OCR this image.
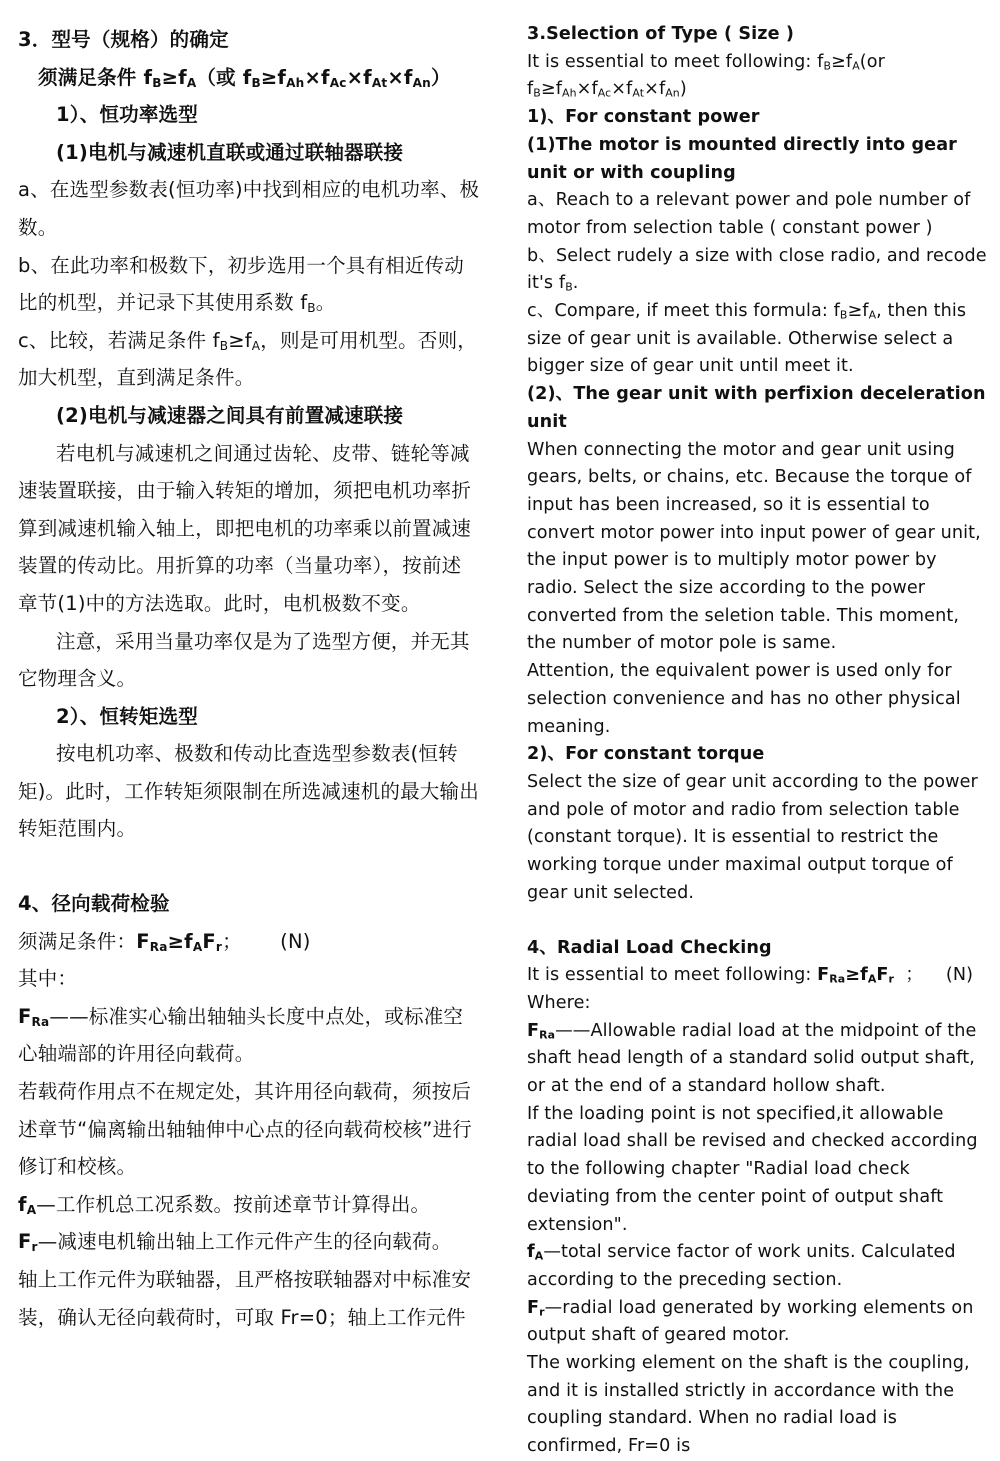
3．型号（规格）的确定

须满足条件 $f_B\ge f_A$（或 $f_B\ge f_{Ah}\times f_{Ac}\times f_{At}\times f_{An}$）

1）、恒功率选型

(1)电机与减速机直联或通过联轴器联接

a、在选型参数表(恒功率)中找到相应的电机功率、极数。

b、在此功率和极数下，初步选用一个具有相近传动比的机型，并记录下其使用系数 $f_B$。

c、比较，若满足条件 $f_B\ge f_A$，则是可用机型。否则，加大机型，直到满足条件。

(2)电机与减速器之间具有前置减速联接

若电机与减速机之间通过齿轮、皮带、链轮等减速装置联接，由于输入转矩的增加，须把电机功率折算到减速机输入轴上，即把电机的功率乘以前置减速装置的传动比。用折算的功率（当量功率），按前述章节(1)中的方法选取。此时，电机极数不变。

注意，采用当量功率仅是为了选型方便，并无其它物理含义。

2）、恒转矩选型

按电机功率、极数和传动比查选型参数表(恒转矩)。此时，工作转矩须限制在所选减速机的最大输出转矩范围内。

4、径向载荷检验

须满足条件：$F_{Ra}\ge f_AF_r$；      (N)

其中：

$F_{Ra}——$标准实心输出轴轴头长度中点处，或标准空心轴端部的许用径向载荷。

若载荷作用点不在规定处，其许用径向载荷，须按后述章节“偏离输出轴轴伸中心点的径向载荷校核”进行修订和校核。

$f_A—$工作机总工况系数。按前述章节计算得出。

$F_r—$减速电机输出轴上工作元件产生的径向载荷。

轴上工作元件为联轴器，且严格按联轴器对中标准安装，确认无径向载荷时，可取 Fr=0；轴上工作元件

3.Selection of Type ( Size )

It is essential to meet following: $f_B\ge f_A(or$ $f_B\ge f_{Ah}\times f_{Ac}\times f_{At}\times f_{An}$)

1)、For constant power

(1)The motor is mounted directly into gear unit or with coupling

a、Reach to a relevant power and pole number of motor from selection table ( constant power )

b、Select rudely a size with close radio, and recode it's $f_B$.

c、Compare, if meet this formula: $f_B\ge f_A$, then this size of gear unit is available. Otherwise select a bigger size of gear unit until meet it.

(2)、The gear unit with perfixion deceleration unit

When connecting the motor and gear unit using gears, belts, or chains, etc. Because the torque of input has been increased, so it is essential to convert motor power into input power of gear unit, the input power is to multiply motor power by radio. Select the size according to the power converted from the seletion table. This moment, the number of motor pole is same.

Attention, the equivalent power is used only for selection convenience and has no other physical meaning.

2)、For constant torque

Select the size of gear unit according to the power and pole of motor and radio from selection table (constant torque). It is essential to restrict the working torque under maximal output torque of gear unit selected.

4、Radial Load Checking

It is essential to meet following: $F_{Ra}\ge f_AF_r$  ；    (N)

Where:

$F_{Ra}——Allowable$ radial load at the midpoint of the shaft head length of a standard solid output shaft, or at the end of a standard hollow shaft.

If the loading point is not specified,it allowable radial load shall be revised and checked according to the following chapter "Radial load check deviating from the center point of output shaft extension".

$f_A—total$ service factor of work units. Calculated according to the preceding section.

$F_r—radial$ load generated by working elements on output shaft of geared motor.

The working element on the shaft is the coupling, and it is installed strictly in accordance with the coupling standard. When no radial load is confirmed, Fr=0 is
